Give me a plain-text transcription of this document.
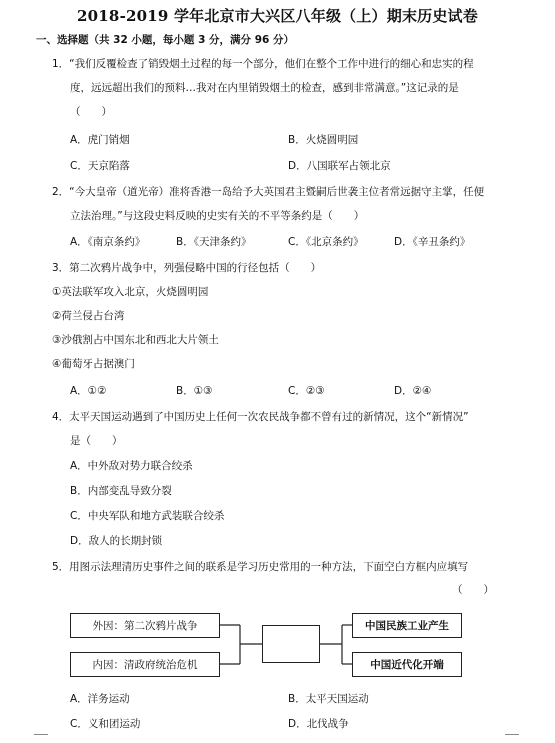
2018-2019 学年北京市大兴区八年级（上）期末历史试卷
一、选择题（共 32 小题，每小题 3 分，满分 96 分）
1．“我们反覆检查了销毁烟土过程的每一个部分，他们在整个工作中进行的细心和忠实的程
度，远远超出我们的预料…我对在内里销毁烟土的检查，感到非常满意。”这记录的是
（　　）
A．虎门销烟	B．火烧圆明园
C．天京陷落	D．八国联军占领北京
2．“今大皇帝（道光帝）准将香港一岛给予大英国君主暨嗣后世袭主位者常远据守主掌，任便
立法治理。”与这段史料反映的史实有关的不平等条约是（　　）
A．《南京条约》	B．《天津条约》	C．《北京条约》	D．《辛丑条约》
3．第二次鸦片战争中，列强侵略中国的行径包括（　　）
①英法联军攻入北京，火烧圆明园
②荷兰侵占台湾
③沙俄割占中国东北和西北大片领土
④葡萄牙占据澳门
A．①②	B．①③	C．②③	D．②④
4．太平天国运动遇到了中国历史上任何一次农民战争都不曾有过的新情况，这个“新情况”
是（　　）
A．中外敌对势力联合绞杀
B．内部变乱导致分裂
C．中央军队和地方武装联合绞杀
D．敌人的长期封锁
5．用图示法理清历史事件之间的联系是学习历史常用的一种方法，下面空白方框内应填写
（　　）
外因：第二次鸦片战争
内因：清政府统治危机
中国民族工业产生
中国近代化开端
A．洋务运动	B．太平天国运动
C．义和团运动	D．北伐战争
